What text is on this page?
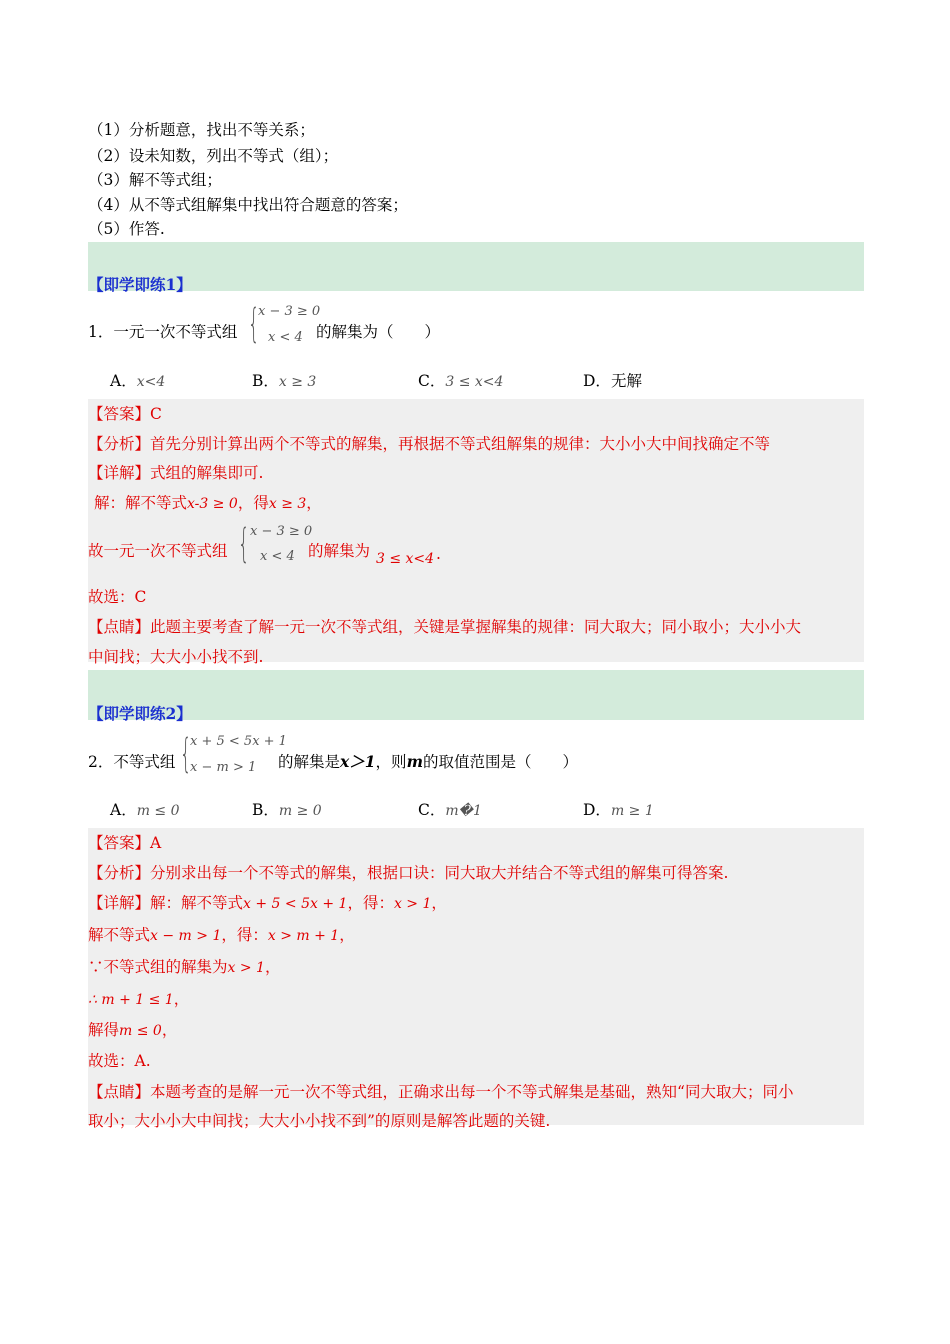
（1）分析题意，找出不等关系；
（2）设未知数，列出不等式（组）；
（3）解不等式组；
（4）从不等式组解集中找出符合题意的答案；
（5）作答.
【即学即练1】
1．一元一次不等式组 {
x − 3 ≥ 0
x < 4 的解集为（　　）
A．x<4	B．x ≥ 3	C．3 ≤ x<4	D．无解
【答案】C
【分析】首先分别计算出两个不等式的解集，再根据不等式组解集的规律：大小小大中间找确定不等
【详解】式组的解集即可.
解：解不等式x-3 ≥ 0，得x ≥ 3，
故一元一次不等式组 { x − 3 ≥ 0
x < 4 的解集为 3 ≤ x<4 .
故选：C
【点睛】此题主要考查了解一元一次不等式组，关键是掌握解集的规律：同大取大；同小取小；大小小大
中间找；大大小小找不到.
【即学即练2】
2．不等式组 {
x + 5 < 5x + 1
x − m > 1 的解集是x＞1，则m的取值范围是（　　）
A．m ≤ 0	B．m ≥ 0	C．m�1	D．m ≥ 1
【答案】A
【分析】分别求出每一个不等式的解集，根据口诀：同大取大并结合不等式组的解集可得答案.
【详解】解：解不等式x + 5 < 5x + 1，得：x > 1，
解不等式x − m > 1，得：x > m + 1，
∵不等式组的解集为x > 1，
∴ m + 1 ≤ 1，
解得m ≤ 0，
故选：A.
【点睛】本题考查的是解一元一次不等式组，正确求出每一个不等式解集是基础，熟知“同大取大；同小
取小；大小小大中间找；大大小小找不到”的原则是解答此题的关键.
